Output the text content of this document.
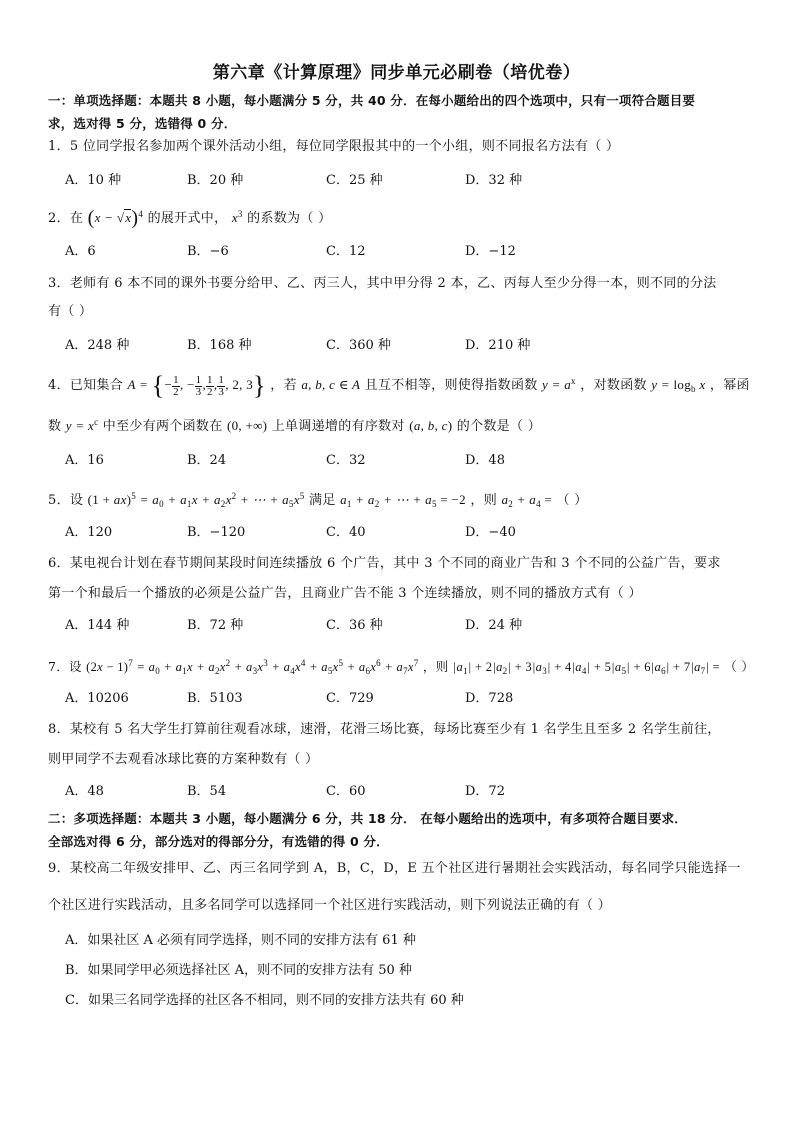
第六章《计算原理》同步单元必刷卷（培优卷）
一：单项选择题：本题共 8 小题，每小题满分 5 分，共 40 分．在每小题给出的四个选项中，只有一项符合题目要
求，选对得 5 分，选错得 0 分．
1．5 位同学报名参加两个课外活动小组，每位同学限报其中的一个小组，则不同报名方法有（ ）
A．10 种	B．20 种	C．25 种	D．32 种
2．在 $(x - √x)^4$ 的展开式中， $x^3$ 的系数为（ ）
A．6	B．−6	C．12	D．−12
3．老师有 6 本不同的课外书要分给甲、乙、丙三人，其中甲分得 2 本，乙、丙每人至少分得一本，则不同的分法
有（ ）
A．248 种	B．168 种	C．360 种	D．210 种
4．已知集合 A = {− $\frac{1}{2}$ , − $\frac{1}{3}$ , $\frac{1}{2}$ , $\frac{1}{3}$ , 2, 3} ，若 a, b, c ∈ A 且互不相等，则使得指数函数 $y = a^x$ ，对数函数 $y = \log_b x$ ，幂函
数 $y = x^c$ 中至少有两个函数在 (0, +∞) 上单调递增的有序数对 (a, b, c) 的个数是（ ）
A．16	B．24	C．32	D．48
5．设 $(1 + ax)^5 = a_0 + a_1x + a_2x^2$ + ⋯ + $a_5x^5$ 满足 $a_1 + a_2$ + ⋯ + $a_5 = -2$ ，则 $a_2 + a_4$ = （ ）
A．120	B．−120	C．40	D．−40
6．某电视台计划在春节期间某段时间连续播放 6 个广告，其中 3 个不同的商业广告和 3 个不同的公益广告，要求
第一个和最后一个播放的必须是公益广告，且商业广告不能 3 个连续播放，则不同的播放方式有（ ）
A．144 种	B．72 种	C．36 种	D．24 种
7．设 $(2x - 1)^7 = a_0 + a_1x + a_2x^2 + a_3x^3 + a_4x^4 + a_5x^5 + a_6x^6 + a_7x^7$ ，则 $|a_1| + 2|a_2| + 3|a_3| + 4|a_4| + 5|a_5| + 6|a_6| + 7|a_7|$ = （ ）
A．10206	B．5103	C．729	D．728
8．某校有 5 名大学生打算前往观看冰球，速滑，花滑三场比赛，每场比赛至少有 1 名学生且至多 2 名学生前往，
则甲同学不去观看冰球比赛的方案种数有（ ）
A．48	B．54	C．60	D．72
二：多项选择题：本题共 3 小题，每小题满分 6 分，共 18 分． 在每小题给出的选项中，有多项符合题目要求．
全部选对得 6 分，部分选对的得部分分，有选错的得 0 分．
9．某校高二年级安排甲、乙、丙三名同学到 A，B，C，D，E 五个社区进行暑期社会实践活动，每名同学只能选择一
个社区进行实践活动，且多名同学可以选择同一个社区进行实践活动，则下列说法正确的有（ ）
A．如果社区 A 必须有同学选择，则不同的安排方法有 61 种
B．如果同学甲必须选择社区 A，则不同的安排方法有 50 种
C．如果三名同学选择的社区各不相同，则不同的安排方法共有 60 种
